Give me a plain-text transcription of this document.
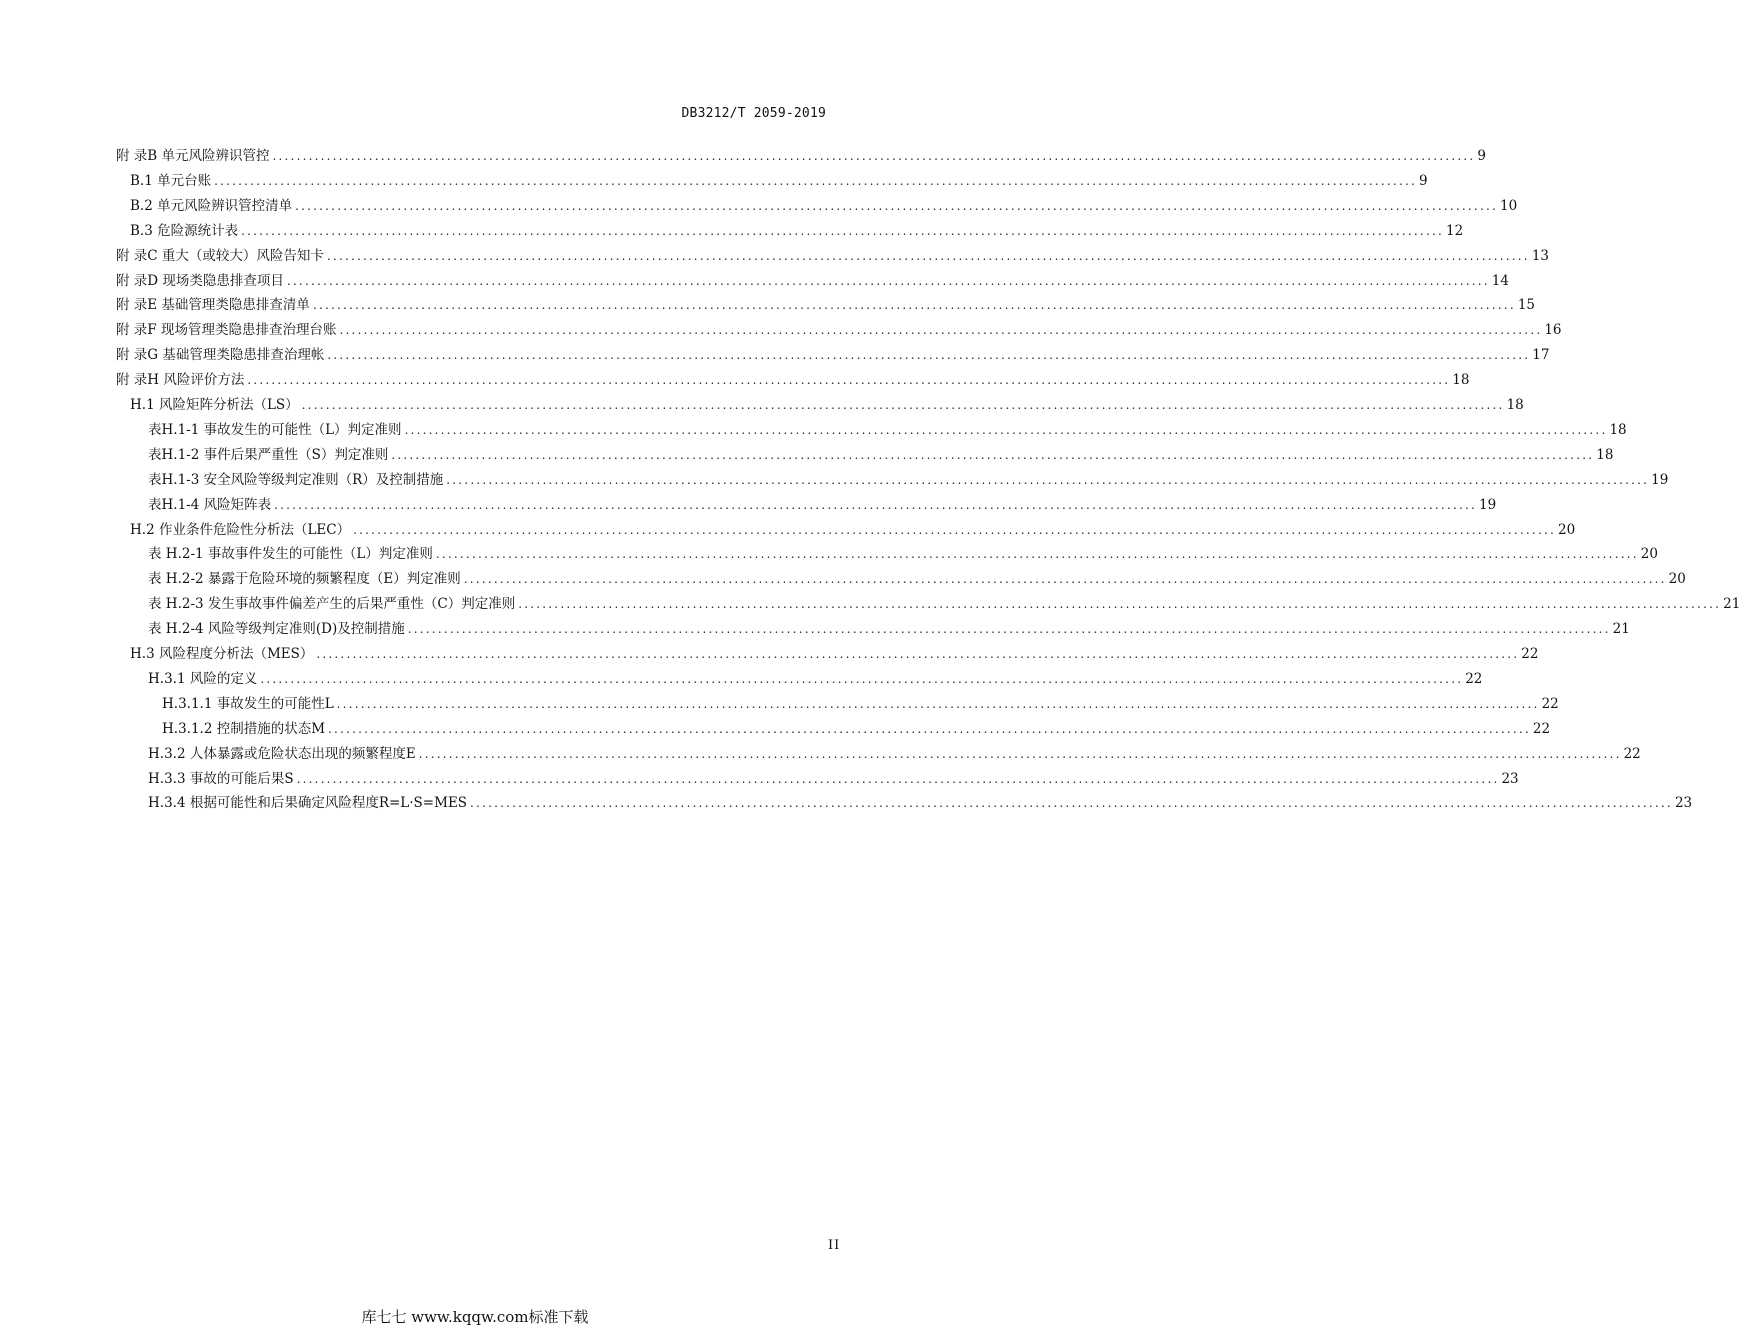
DB3212/T 2059-2019
附 录B 单元风险辨识管控 ........................................................................................................................................................................................................ 9
B.1 单元台账 ........................................................................................................................................................................................................ 9
B.2 单元风险辨识管控清单 ........................................................................................................................................................................................................ 10
B.3 危险源统计表 ........................................................................................................................................................................................................ 12
附 录C 重大（或较大）风险告知卡 ........................................................................................................................................................................................................ 13
附 录D 现场类隐患排查项目 ........................................................................................................................................................................................................ 14
附 录E 基础管理类隐患排查清单 ........................................................................................................................................................................................................ 15
附 录F 现场管理类隐患排查治理台账 ........................................................................................................................................................................................................ 16
附 录G 基础管理类隐患排查治理帐 ........................................................................................................................................................................................................ 17
附 录H 风险评价方法 ........................................................................................................................................................................................................ 18
H.1 风险矩阵分析法（LS） ........................................................................................................................................................................................................ 18
表H.1-1 事故发生的可能性（L）判定准则 ........................................................................................................................................................................................................ 18
表H.1-2 事件后果严重性（S）判定准则 ........................................................................................................................................................................................................ 18
表H.1-3 安全风险等级判定准则（R）及控制措施 ........................................................................................................................................................................................................ 19
表H.1-4 风险矩阵表 ........................................................................................................................................................................................................ 19
H.2 作业条件危险性分析法（LEC） ........................................................................................................................................................................................................ 20
表 H.2-1 事故事件发生的可能性（L）判定准则 ........................................................................................................................................................................................................ 20
表 H.2-2 暴露于危险环境的频繁程度（E）判定准则 ........................................................................................................................................................................................................ 20
表 H.2-3 发生事故事件偏差产生的后果严重性（C）判定准则 ........................................................................................................................................................................................................ 21
表 H.2-4 风险等级判定准则(D)及控制措施 ........................................................................................................................................................................................................ 21
H.3 风险程度分析法（MES） ........................................................................................................................................................................................................ 22
H.3.1 风险的定义 ........................................................................................................................................................................................................ 22
H.3.1.1 事故发生的可能性L ........................................................................................................................................................................................................ 22
H.3.1.2 控制措施的状态M ........................................................................................................................................................................................................ 22
H.3.2 人体暴露或危险状态出现的频繁程度E ........................................................................................................................................................................................................ 22
H.3.3 事故的可能后果S ........................................................................................................................................................................................................ 23
H.3.4 根据可能性和后果确定风险程度R=L·S=MES ........................................................................................................................................................................................................ 23
II
库七七 www.kqqw.com标准下载
